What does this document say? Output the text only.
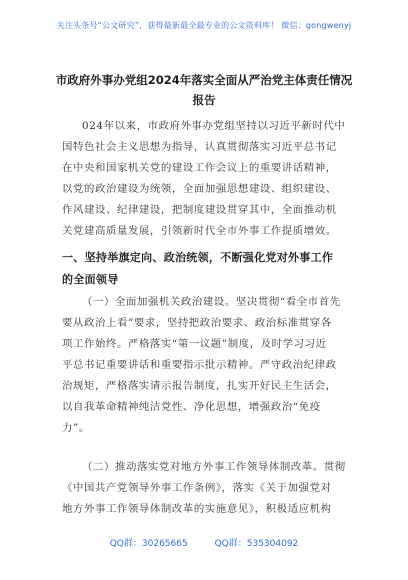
关注头条号“公文研究”，获得最新最全最专业的公文资料库！ 微信：gongwenyj
市政府外事办党组2024年落实全面从严治党主体责任情况
报告
024年以来，市政府外事办党组坚持以习近平新时代中
国特色社会主义思想为指导，认真贯彻落实习近平总书记
在中央和国家机关党的建设工作会议上的重要讲话精神，
以党的政治建设为统领，全面加强思想建设、组织建设、
作风建设、纪律建设，把制度建设贯穿其中，全面推动机
关党建高质量发展，引领新时代全市外事工作提质增效。
一、坚持举旗定向、政治统领，不断强化党对外事工作
的全面领导
（一）全面加强机关政治建设。坚决贯彻“看全市首先
要从政治上看”要求，坚持把政治要求、政治标准贯穿各
项工作始终。严格落实“第一议题”制度，及时学习习近
平总书记重要讲话和重要指示批示精神。严守政治纪律政
治规矩，严格落实请示报告制度，扎实开好民主生活会，
以自我革命精神纯洁党性、净化思想，增强政治“免疫
力”。
（二）推动落实党对地方外事工作领导体制改革。贯彻
《中国共产党领导外事工作条例》，落实《关于加强党对
地方外事工作领导体制改革的实施意见》，积极适应机构
QQ群：30265665	QQ群：535304092
